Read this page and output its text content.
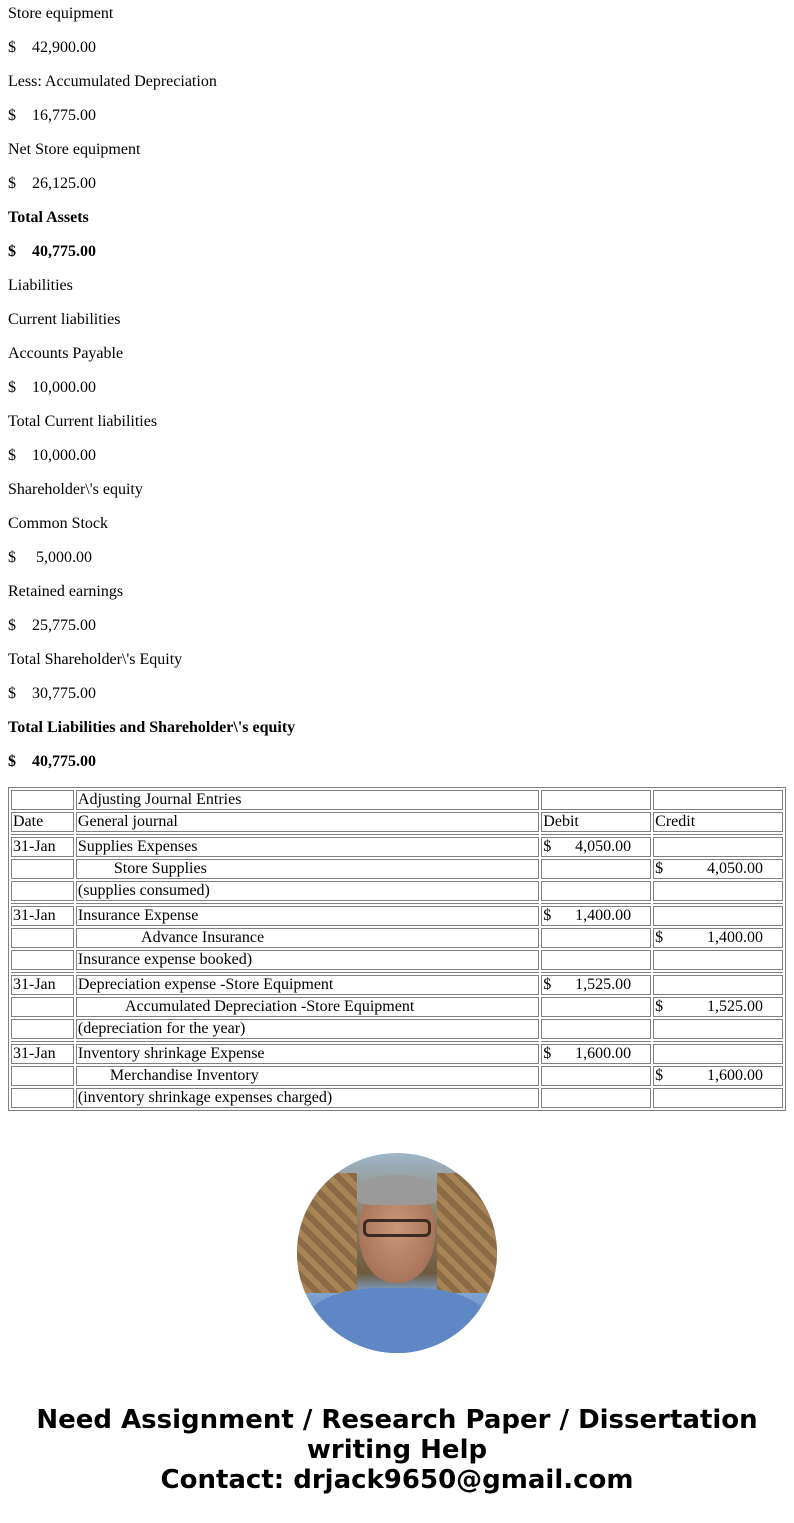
Store equipment
$ 42,900.00
Less: Accumulated Depreciation
$ 16,775.00
Net Store equipment
$ 26,125.00
Total Assets
$ 40,775.00
Liabilities
Current liabilities
Accounts Payable
$ 10,000.00
Total Current liabilities
$ 10,000.00
Shareholder\'s equity
Common Stock
$ 5,000.00
Retained earnings
$ 25,775.00
Total Shareholder\'s Equity
$ 30,775.00
Total Liabilities and Shareholder\'s equity
$ 40,775.00
	Adjusting Journal Entries		
Date	General journal	Debit	Credit

31-Jan	Supplies Expenses	$ 4,050.00	

	Store Supplies		$ 4,050.00

	(supplies consumed)		

31-Jan	Insurance Expense	$ 1,400.00	

	Advance Insurance		$ 1,400.00

	Insurance expense booked)		

31-Jan	Depreciation expense -Store Equipment	$ 1,525.00	

	Accumulated Depreciation -Store Equipment		$ 1,525.00

	(depreciation for the year)		

31-Jan	Inventory shrinkage Expense	$ 1,600.00	

	Merchandise Inventory		$ 1,600.00

	(inventory shrinkage expenses charged)		
Need Assignment / Research Paper / Dissertation
writing Help
Contact: drjack9650@gmail.com
